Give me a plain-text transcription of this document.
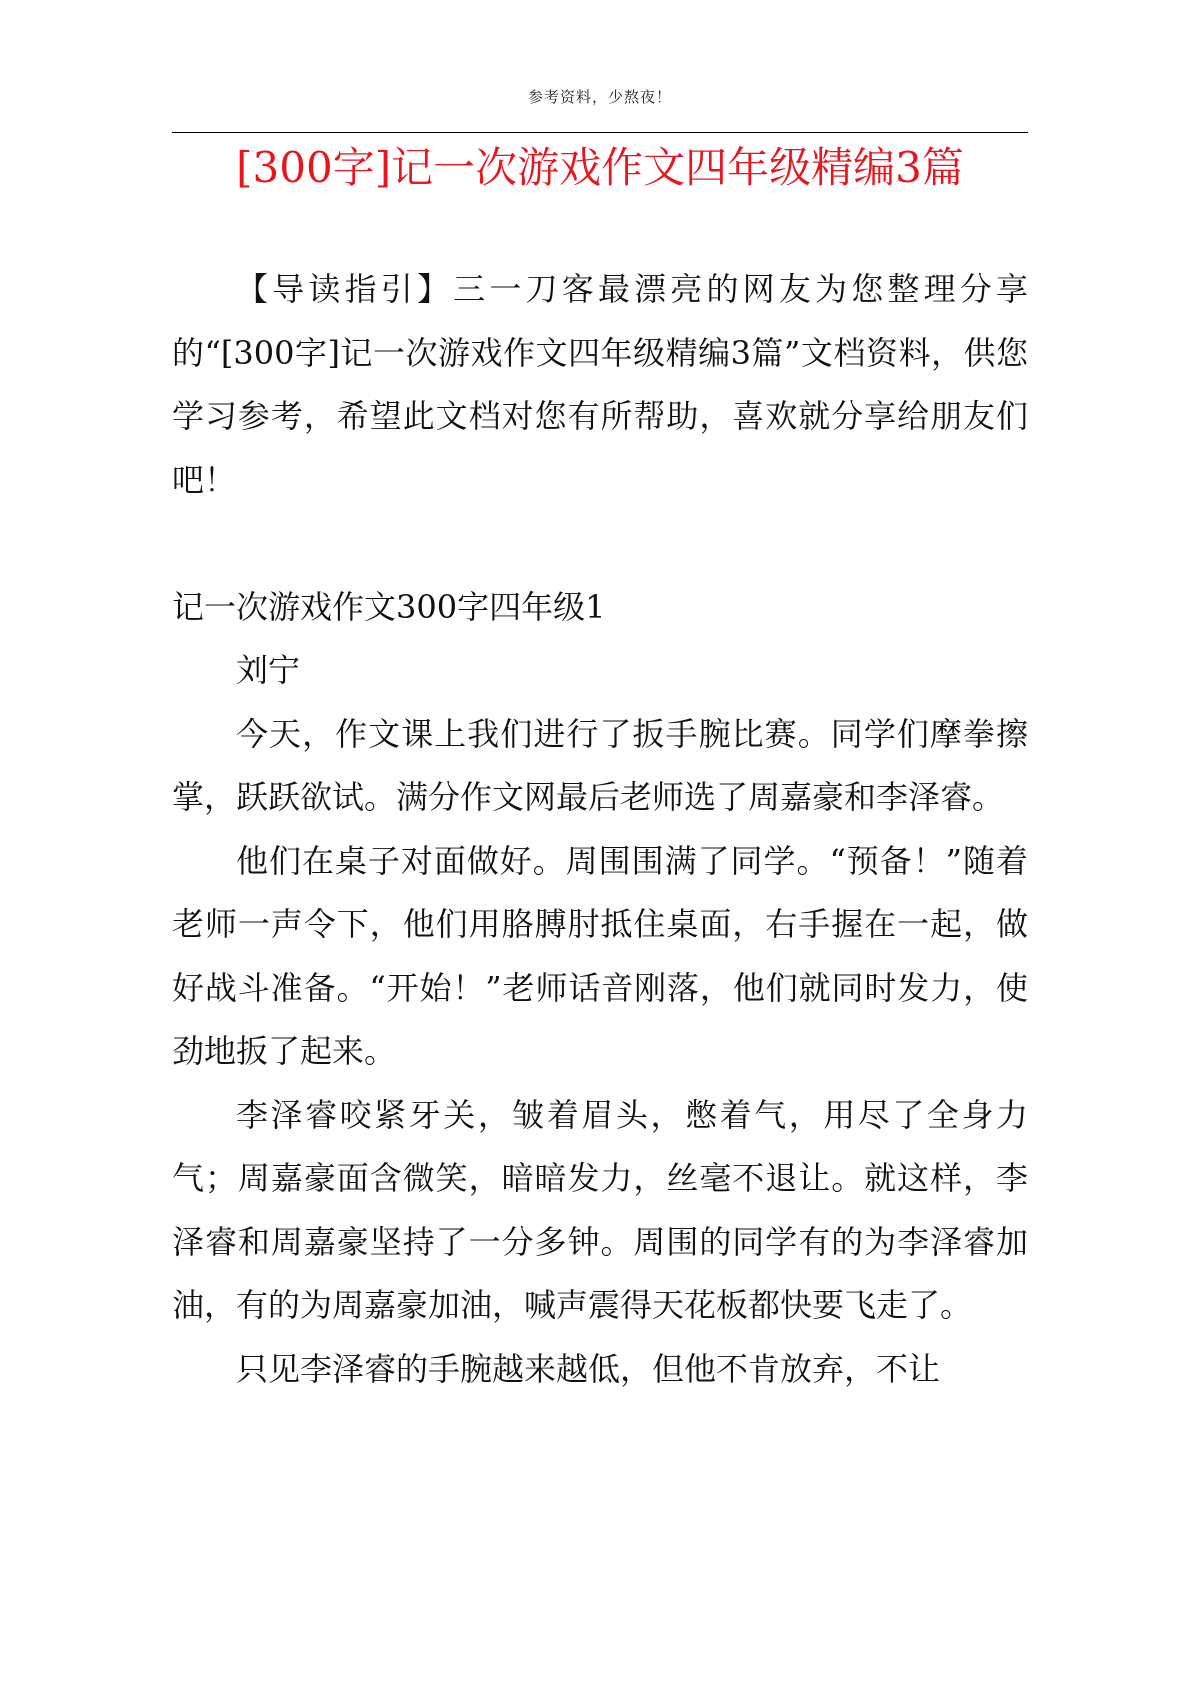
参考资料，少熬夜！
[300字]记一次游戏作文四年级精编3篇

【导读指引】三一刀客最漂亮的网友为您整理分享的“[300字]记一次游戏作文四年级精编3篇”文档资料，供您学习参考，希望此文档对您有所帮助，喜欢就分享给朋友们吧！

记一次游戏作文300字四年级1

刘宁

今天，作文课上我们进行了扳手腕比赛。同学们摩拳擦掌，跃跃欲试。满分作文网最后老师选了周嘉豪和李泽睿。

他们在桌子对面做好。周围围满了同学。“预备！”随着老师一声令下，他们用胳膊肘抵住桌面，右手握在一起，做好战斗准备。“开始！”老师话音刚落，他们就同时发力，使劲地扳了起来。

李泽睿咬紧牙关，皱着眉头，憋着气，用尽了全身力气；周嘉豪面含微笑，暗暗发力，丝毫不退让。就这样，李泽睿和周嘉豪坚持了一分多钟。周围的同学有的为李泽睿加油，有的为周嘉豪加油，喊声震得天花板都快要飞走了。

只见李泽睿的手腕越来越低，但他不肯放弃，不让
